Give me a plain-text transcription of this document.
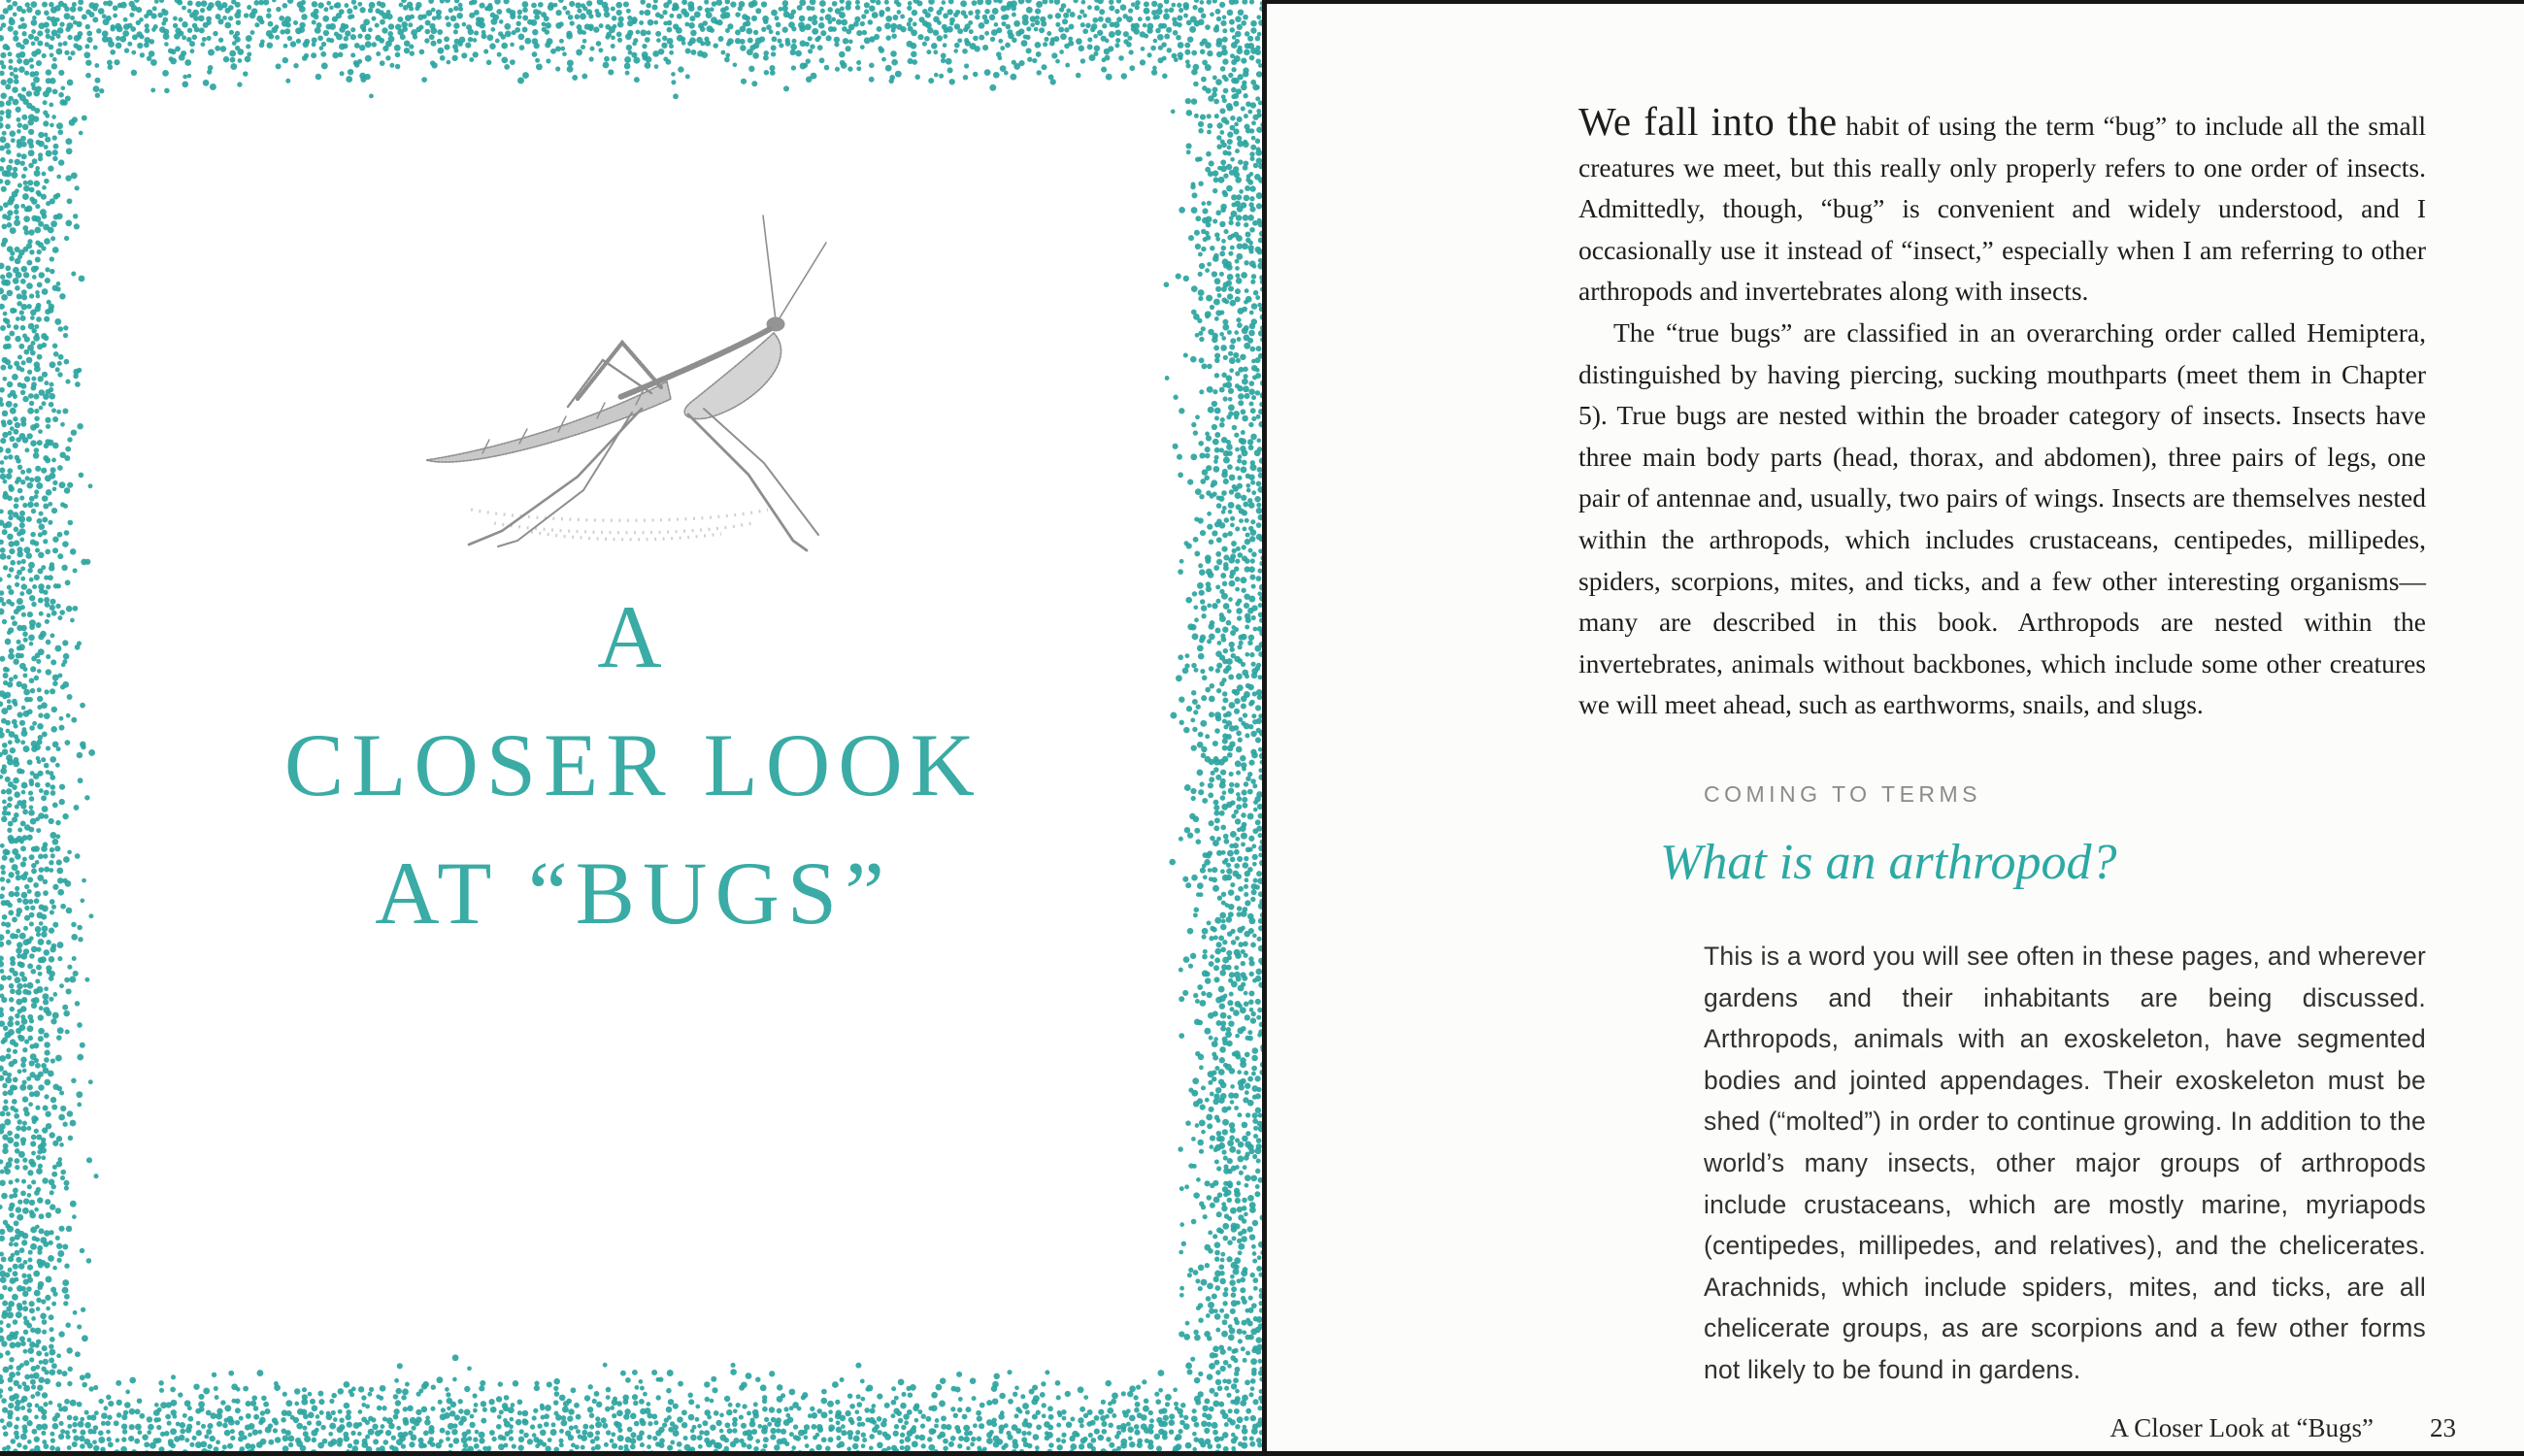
A
CLOSER LOOK
AT “BUGS”

We fall into the habit of using the term “bug” to include all the small creatures we meet, but this really only properly refers to one order of insects. Admittedly, though, “bug” is convenient and widely understood, and I occasionally use it instead of “insect,” especially when I am referring to other arthropods and invertebrates along with insects.

The “true bugs” are classified in an overarching order called Hemiptera, distinguished by having piercing, sucking mouthparts (meet them in Chapter 5). True bugs are nested within the broader category of insects. Insects have three main body parts (head, thorax, and abdomen), three pairs of legs, one pair of antennae and, usually, two pairs of wings. Insects are themselves nested within the arthropods, which includes crustaceans, centipedes, millipedes, spiders, scorpions, mites, and ticks, and a few other interesting organisms—many are described in this book. Arthropods are nested within the invertebrates, animals without backbones, which include some other creatures we will meet ahead, such as earthworms, snails, and slugs.

COMING TO TERMS
What is an arthropod?

This is a word you will see often in these pages, and wherever gardens and their inhabitants are being discussed. Arthropods, animals with an exoskeleton, have segmented bodies and jointed appendages. Their exoskeleton must be shed (“molted”) in order to continue growing. In addition to the world’s many insects, other major groups of arthropods include crustaceans, which are mostly marine, myriapods (centipedes, millipedes, and relatives), and the chelicerates. Arachnids, which include spiders, mites, and ticks, are all chelicerate groups, as are scorpions and a few other forms not likely to be found in gardens.

A Closer Look at “Bugs” 23
